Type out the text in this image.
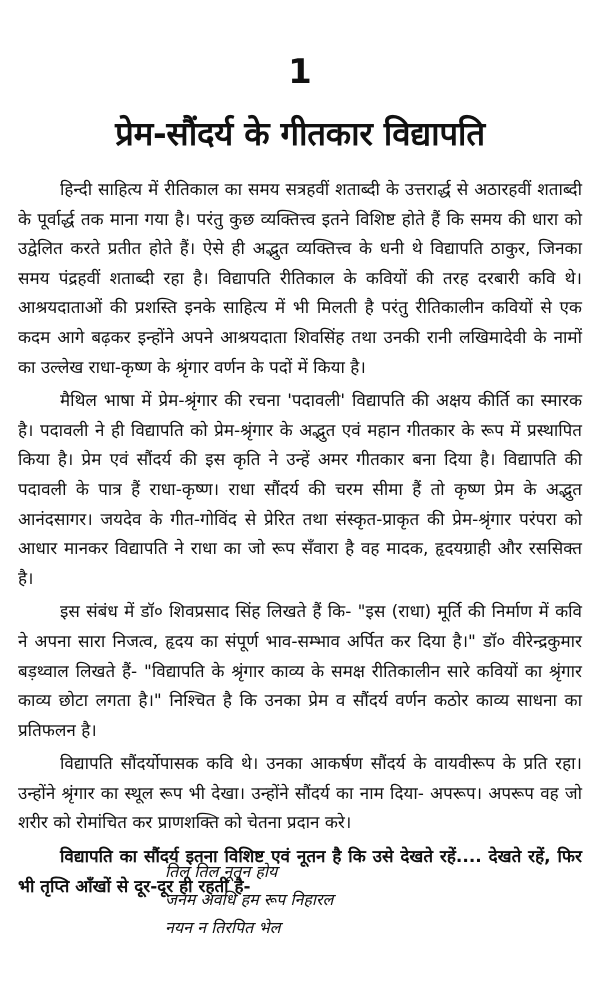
1
प्रेम-सौंदर्य के गीतकार विद्यापति

हिन्दी साहित्य में रीतिकाल का समय सत्रहवीं शताब्दी के उत्तरार्द्ध से अठारहवीं शताब्दी के पूर्वार्द्ध तक माना गया है। परंतु कुछ व्यक्तित्त्व इतने विशिष्ट होते हैं कि समय की धारा को उद्वेलित करते प्रतीत होते हैं। ऐसे ही अद्भुत व्यक्तित्त्व के धनी थे विद्यापति ठाकुर, जिनका समय पंद्रहवीं शताब्दी रहा है। विद्यापति रीतिकाल के कवियों की तरह दरबारी कवि थे। आश्रयदाताओं की प्रशस्ति इनके साहित्य में भी मिलती है परंतु रीतिकालीन कवियों से एक कदम आगे बढ़कर इन्होंने अपने आश्रयदाता शिवसिंह तथा उनकी रानी लखिमादेवी के नामों का उल्लेख राधा-कृष्ण के श्रृंगार वर्णन के पदों में किया है।

मैथिल भाषा में प्रेम-श्रृंगार की रचना 'पदावली' विद्यापति की अक्षय कीर्ति का स्मारक है। पदावली ने ही विद्यापति को प्रेम-श्रृंगार के अद्भुत एवं महान गीतकार के रूप में प्रस्थापित किया है। प्रेम एवं सौंदर्य की इस कृति ने उन्हें अमर गीतकार बना दिया है। विद्यापति की पदावली के पात्र हैं राधा-कृष्ण। राधा सौंदर्य की चरम सीमा हैं तो कृष्ण प्रेम के अद्भुत आनंदसागर। जयदेव के गीत-गोविंद से प्रेरित तथा संस्कृत-प्राकृत की प्रेम-श्रृंगार परंपरा को आधार मानकर विद्यापति ने राधा का जो रूप सँवारा है वह मादक, हृदयग्राही और रससिक्त है।

इस संबंध में डॉ० शिवप्रसाद सिंह लिखते हैं कि- "इस (राधा) मूर्ति की निर्माण में कवि ने अपना सारा निजत्व, हृदय का संपूर्ण भाव-सम्भाव अर्पित कर दिया है।" डॉ० वीरेन्द्रकुमार बड़थ्वाल लिखते हैं- "विद्यापति के श्रृंगार काव्य के समक्ष रीतिकालीन सारे कवियों का श्रृंगार काव्य छोटा लगता है।" निश्चित है कि उनका प्रेम व सौंदर्य वर्णन कठोर काव्य साधना का प्रतिफलन है।

विद्यापति सौंदर्योपासक कवि थे। उनका आकर्षण सौंदर्य के वायवीरूप के प्रति रहा। उन्होंने श्रृंगार का स्थूल रूप भी देखा। उन्होंने सौंदर्य का नाम दिया- अपरूप। अपरूप वह जो शरीर को रोमांचित कर प्राणशक्ति को चेतना प्रदान करे।

विद्यापति का सौंदर्य इतना विशिष्ट एवं नूतन है कि उसे देखते रहें.... देखते रहें, फिर भी तृप्ति आँखों से दूर-दूर ही रहती है-

तिल तिल नूतन होय
जनम अवधि हम रूप निहारल
नयन न तिरपित भेल
